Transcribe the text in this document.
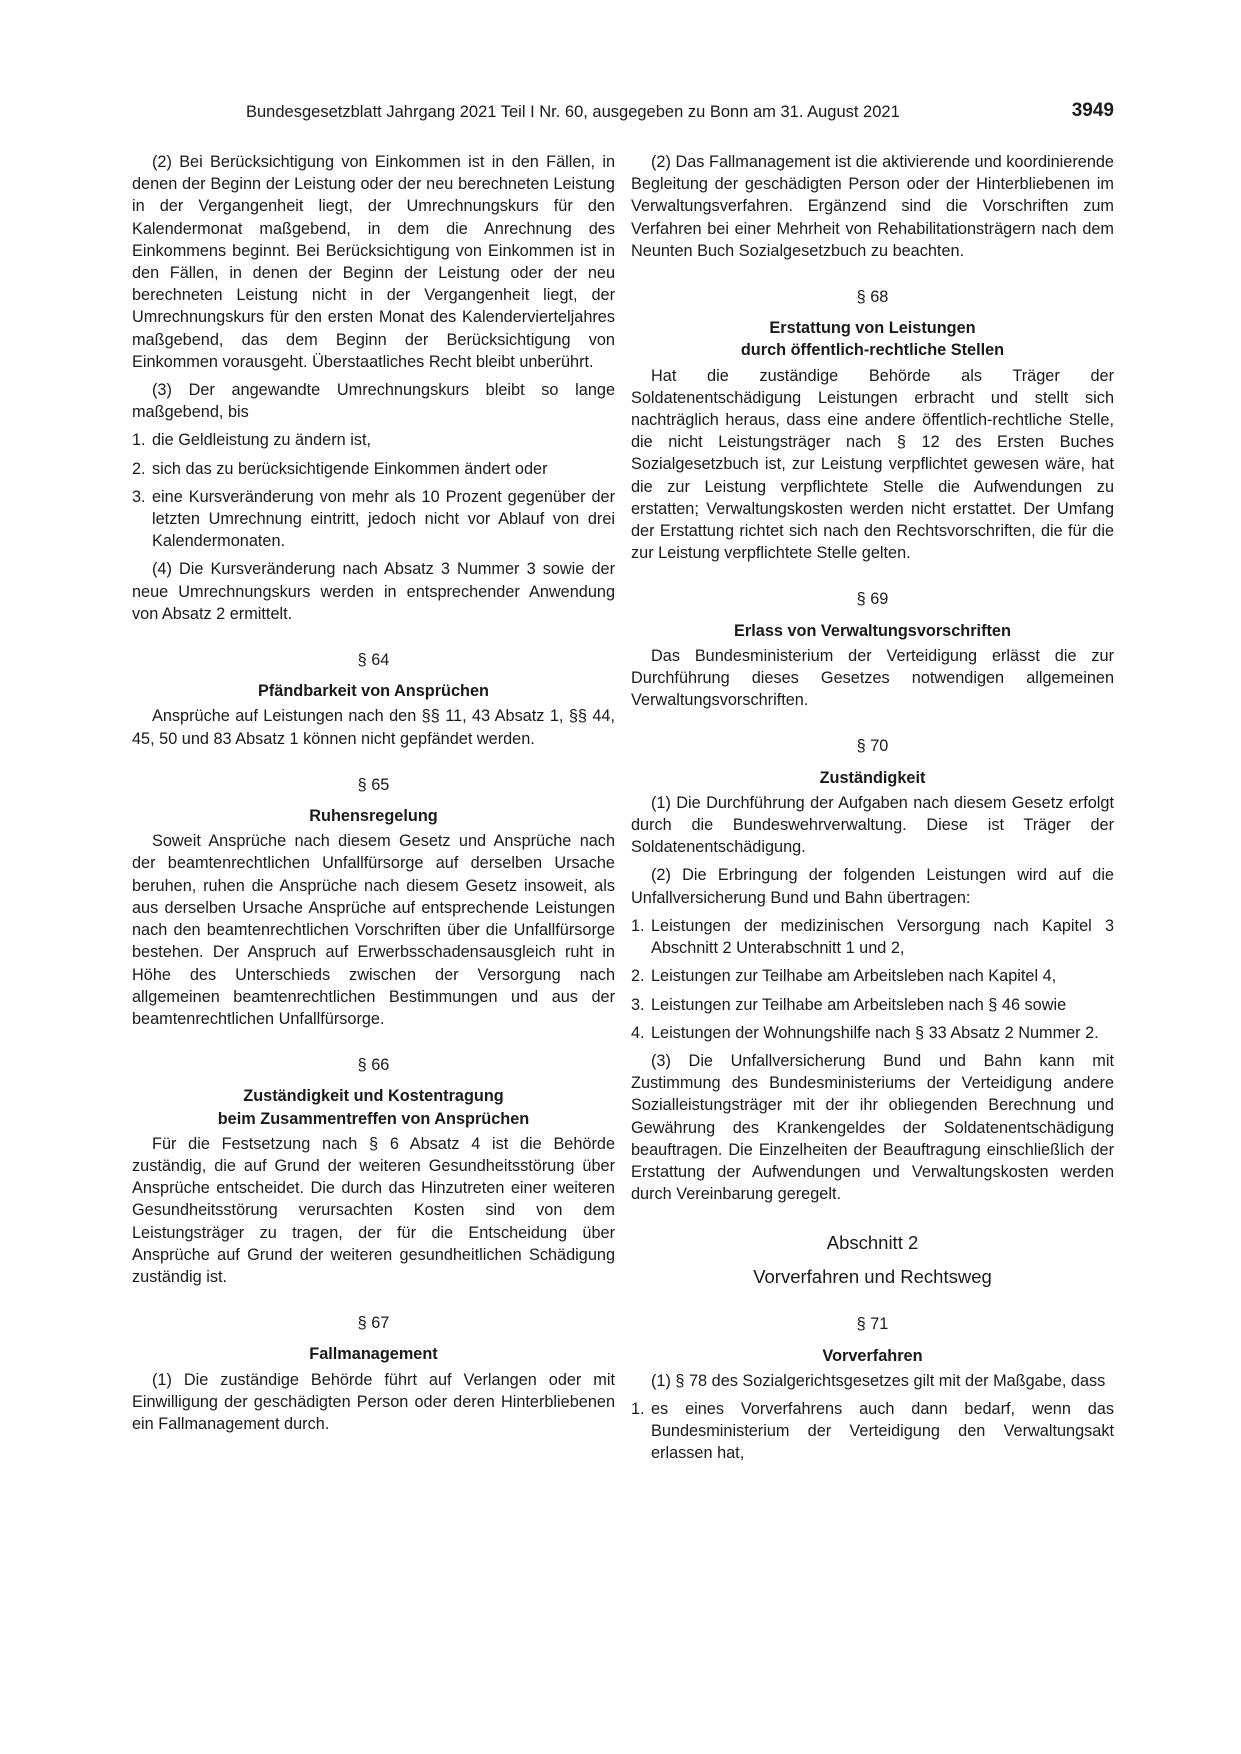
Bundesgesetzblatt Jahrgang 2021 Teil I Nr. 60, ausgegeben zu Bonn am 31. August 2021	3949

(2) Bei Berücksichtigung von Einkommen ist in den Fällen, in denen der Beginn der Leistung oder der neu berechneten Leistung in der Vergangenheit liegt, der Umrechnungskurs für den Kalendermonat maßgebend, in dem die Anrechnung des Einkommens beginnt. Bei Berücksichtigung von Einkommen ist in den Fällen, in denen der Beginn der Leistung oder der neu berechneten Leistung nicht in der Vergangenheit liegt, der Umrechnungskurs für den ersten Monat des Kalendervierteljahres maßgebend, das dem Beginn der Berücksichtigung von Einkommen vorausgeht. Überstaatliches Recht bleibt unberührt.

(3) Der angewandte Umrechnungskurs bleibt so lange maßgebend, bis

1. die Geldleistung zu ändern ist,
2. sich das zu berücksichtigende Einkommen ändert oder
3. eine Kursveränderung von mehr als 10 Prozent gegenüber der letzten Umrechnung eintritt, jedoch nicht vor Ablauf von drei Kalendermonaten.

(4) Die Kursveränderung nach Absatz 3 Nummer 3 sowie der neue Umrechnungskurs werden in entsprechender Anwendung von Absatz 2 ermittelt.

§ 64

Pfändbarkeit von Ansprüchen

Ansprüche auf Leistungen nach den §§ 11, 43 Absatz 1, §§ 44, 45, 50 und 83 Absatz 1 können nicht gepfändet werden.

§ 65

Ruhensregelung

Soweit Ansprüche nach diesem Gesetz und Ansprüche nach der beamtenrechtlichen Unfallfürsorge auf derselben Ursache beruhen, ruhen die Ansprüche nach diesem Gesetz insoweit, als aus derselben Ursache Ansprüche auf entsprechende Leistungen nach den beamtenrechtlichen Vorschriften über die Unfallfürsorge bestehen. Der Anspruch auf Erwerbsschadensausgleich ruht in Höhe des Unterschieds zwischen der Versorgung nach allgemeinen beamtenrechtlichen Bestimmungen und aus der beamtenrechtlichen Unfallfürsorge.

§ 66

Zuständigkeit und Kostentragung
beim Zusammentreffen von Ansprüchen

Für die Festsetzung nach § 6 Absatz 4 ist die Behörde zuständig, die auf Grund der weiteren Gesundheitsstörung über Ansprüche entscheidet. Die durch das Hinzutreten einer weiteren Gesundheitsstörung verursachten Kosten sind von dem Leistungsträger zu tragen, der für die Entscheidung über Ansprüche auf Grund der weiteren gesundheitlichen Schädigung zuständig ist.

§ 67

Fallmanagement

(1) Die zuständige Behörde führt auf Verlangen oder mit Einwilligung der geschädigten Person oder deren Hinterbliebenen ein Fallmanagement durch.

(2) Das Fallmanagement ist die aktivierende und koordinierende Begleitung der geschädigten Person oder der Hinterbliebenen im Verwaltungsverfahren. Ergänzend sind die Vorschriften zum Verfahren bei einer Mehrheit von Rehabilitationsträgern nach dem Neunten Buch Sozialgesetzbuch zu beachten.

§ 68

Erstattung von Leistungen
durch öffentlich-rechtliche Stellen

Hat die zuständige Behörde als Träger der Soldatenentschädigung Leistungen erbracht und stellt sich nachträglich heraus, dass eine andere öffentlich-rechtliche Stelle, die nicht Leistungsträger nach § 12 des Ersten Buches Sozialgesetzbuch ist, zur Leistung verpflichtet gewesen wäre, hat die zur Leistung verpflichtete Stelle die Aufwendungen zu erstatten; Verwaltungskosten werden nicht erstattet. Der Umfang der Erstattung richtet sich nach den Rechtsvorschriften, die für die zur Leistung verpflichtete Stelle gelten.

§ 69

Erlass von Verwaltungsvorschriften

Das Bundesministerium der Verteidigung erlässt die zur Durchführung dieses Gesetzes notwendigen allgemeinen Verwaltungsvorschriften.

§ 70

Zuständigkeit

(1) Die Durchführung der Aufgaben nach diesem Gesetz erfolgt durch die Bundeswehrverwaltung. Diese ist Träger der Soldatenentschädigung.

(2) Die Erbringung der folgenden Leistungen wird auf die Unfallversicherung Bund und Bahn übertragen:

1. Leistungen der medizinischen Versorgung nach Kapitel 3 Abschnitt 2 Unterabschnitt 1 und 2,
2. Leistungen zur Teilhabe am Arbeitsleben nach Kapitel 4,
3. Leistungen zur Teilhabe am Arbeitsleben nach § 46 sowie
4. Leistungen der Wohnungshilfe nach § 33 Absatz 2 Nummer 2.

(3) Die Unfallversicherung Bund und Bahn kann mit Zustimmung des Bundesministeriums der Verteidigung andere Sozialleistungsträger mit der ihr obliegenden Berechnung und Gewährung des Krankengeldes der Soldatenentschädigung beauftragen. Die Einzelheiten der Beauftragung einschließlich der Erstattung der Aufwendungen und Verwaltungskosten werden durch Vereinbarung geregelt.

Abschnitt 2

Vorverfahren und Rechtsweg

§ 71

Vorverfahren

(1) § 78 des Sozialgerichtsgesetzes gilt mit der Maßgabe, dass

1. es eines Vorverfahrens auch dann bedarf, wenn das Bundesministerium der Verteidigung den Verwaltungsakt erlassen hat,
